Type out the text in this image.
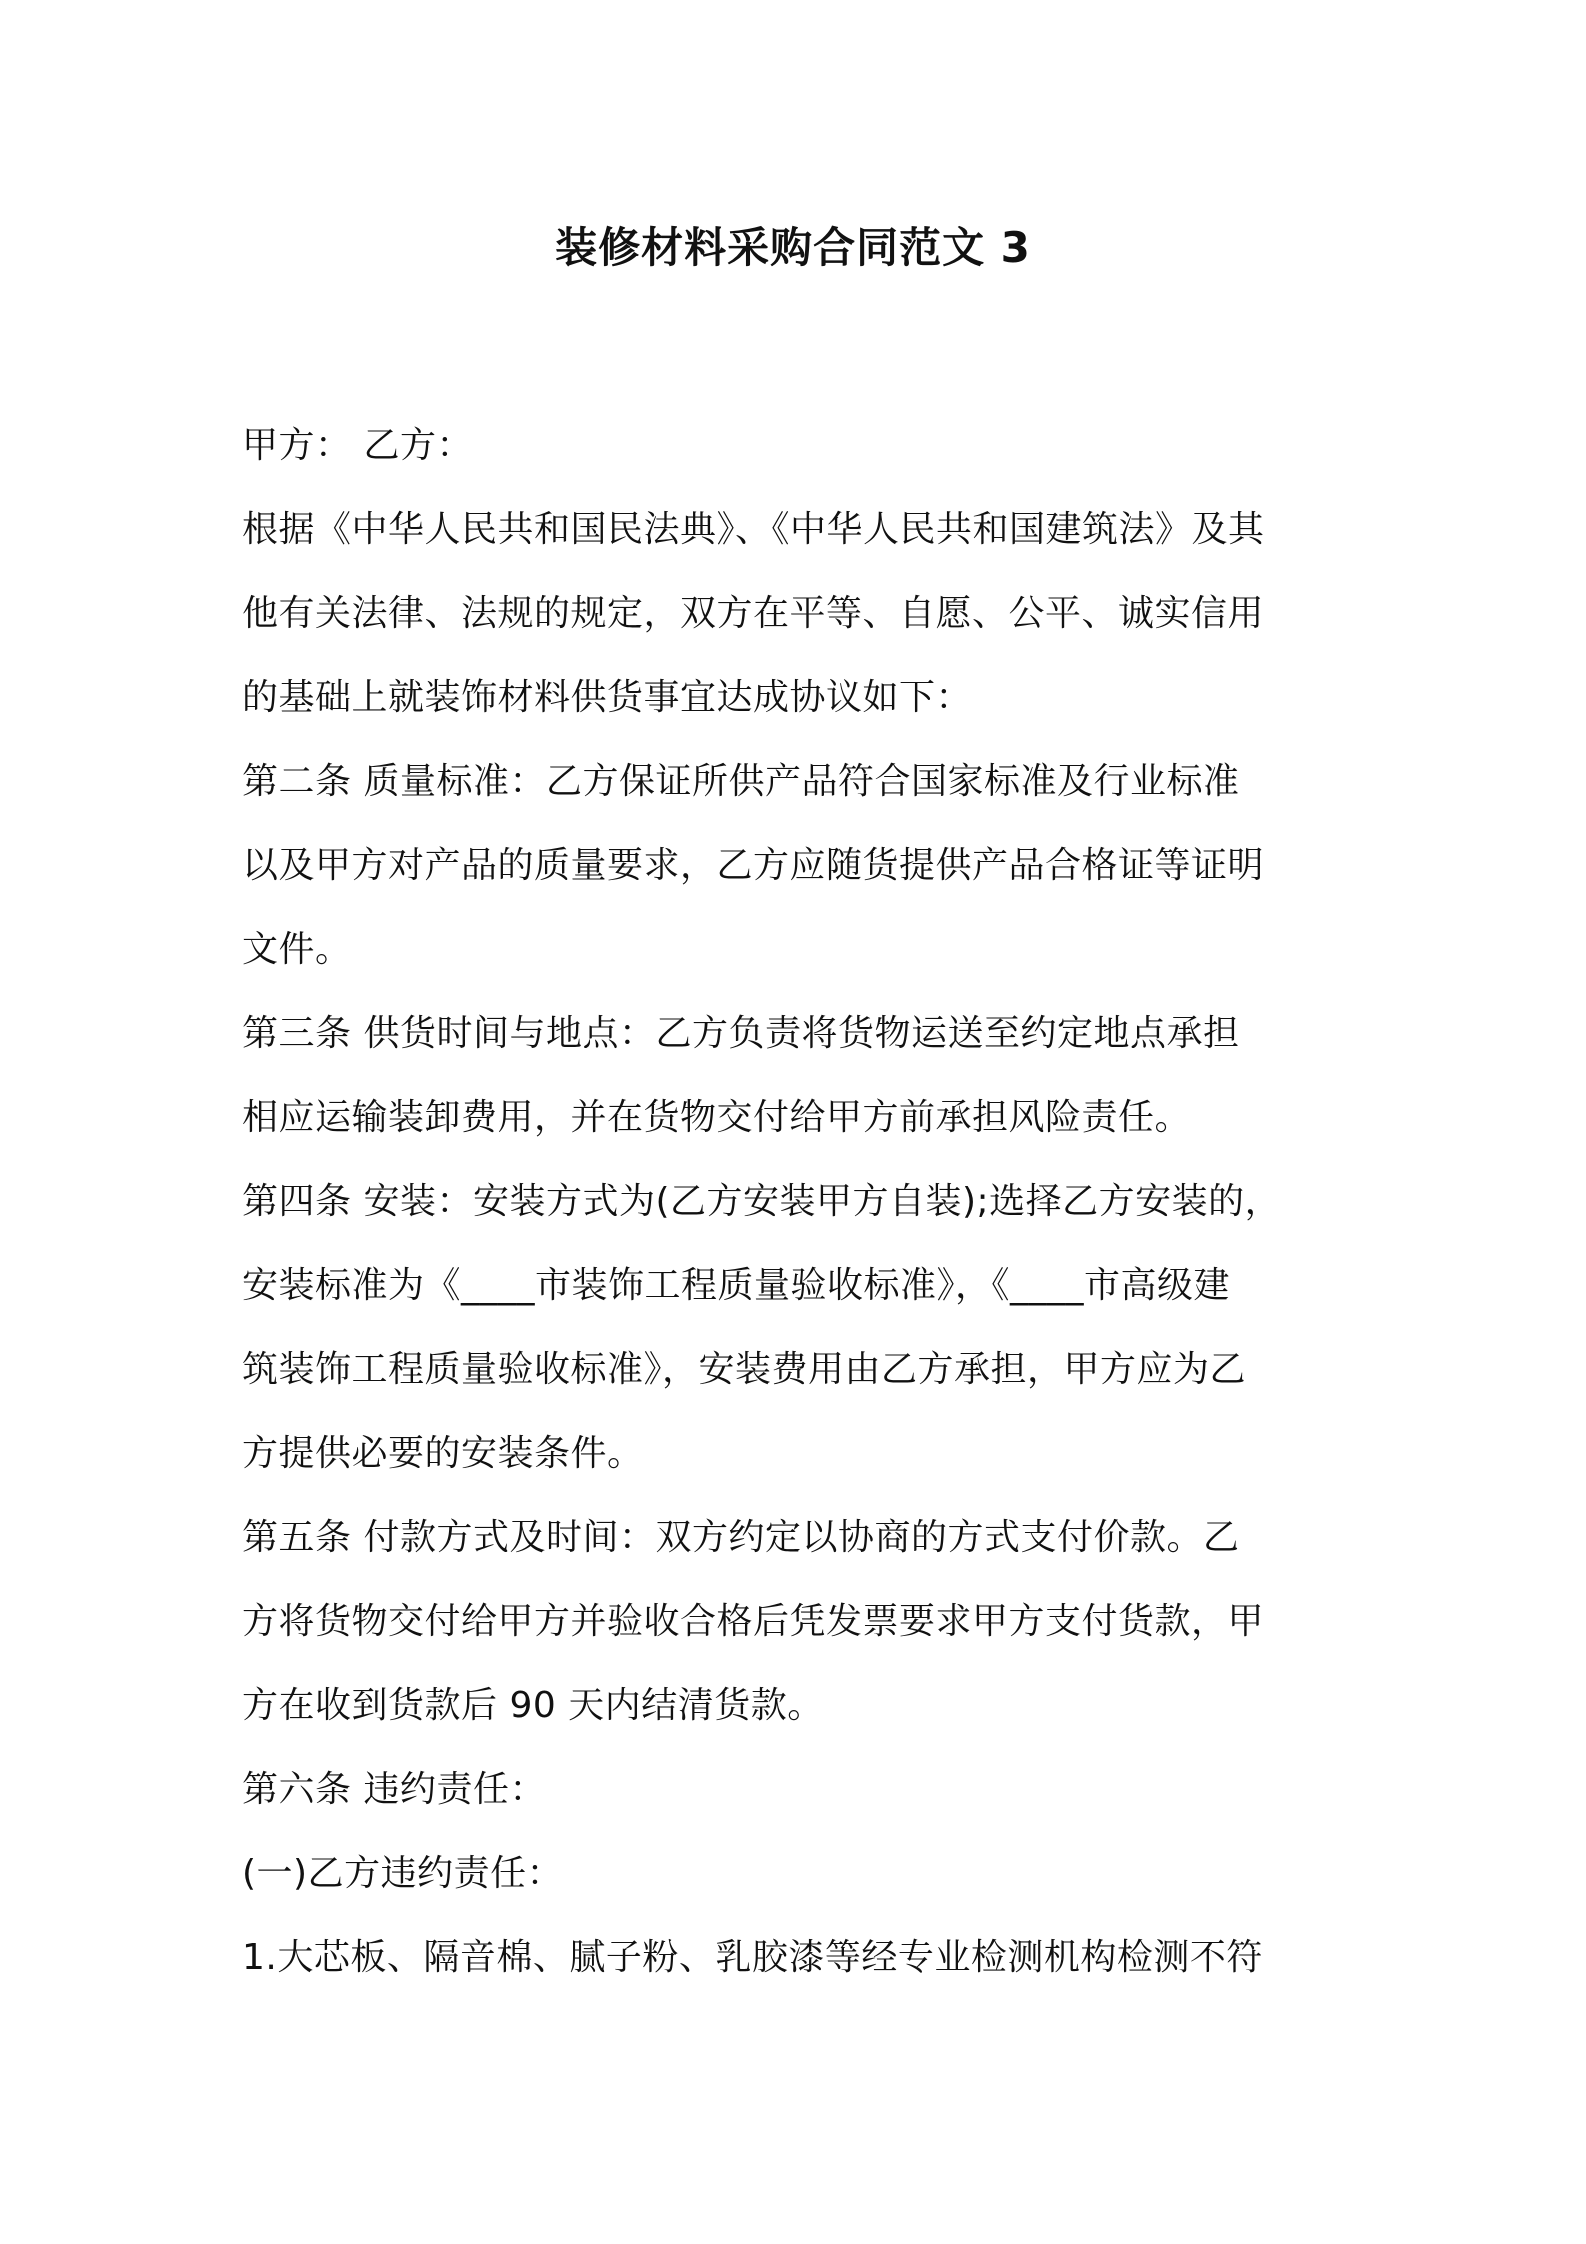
装修材料采购合同范文 3
甲方： 乙方：
根据《中华人民共和国民法典》、《中华人民共和国建筑法》及其
他有关法律、法规的规定，双方在平等、自愿、公平、诚实信用
的基础上就装饰材料供货事宜达成协议如下：
第二条 质量标准：乙方保证所供产品符合国家标准及行业标准
以及甲方对产品的质量要求，乙方应随货提供产品合格证等证明
文件。
第三条 供货时间与地点：乙方负责将货物运送至约定地点承担
相应运输装卸费用，并在货物交付给甲方前承担风险责任。
第四条 安装：安装方式为(乙方安装甲方自装);选择乙方安装的，
安装标准为《____市装饰工程质量验收标准》，《____市高级建
筑装饰工程质量验收标准》，安装费用由乙方承担，甲方应为乙
方提供必要的安装条件。
第五条 付款方式及时间：双方约定以协商的方式支付价款。乙
方将货物交付给甲方并验收合格后凭发票要求甲方支付货款，甲
方在收到货款后 90 天内结清货款。
第六条 违约责任：
(一)乙方违约责任：
1.大芯板、隔音棉、腻子粉、乳胶漆等经专业检测机构检测不符
